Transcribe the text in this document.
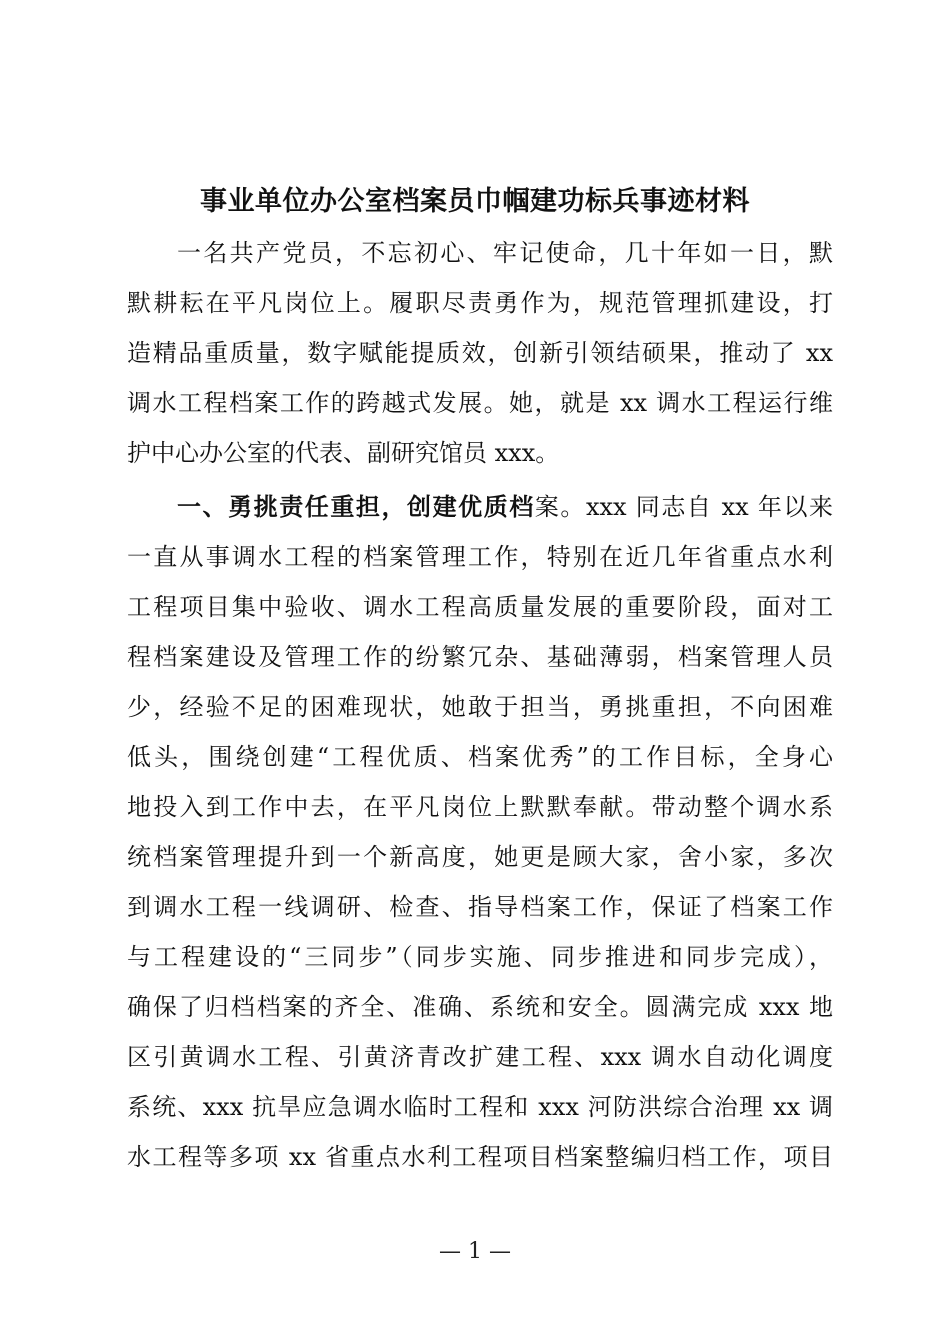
事业单位办公室档案员巾帼建功标兵事迹材料
一名共产党员，不忘初心、牢记使命，几十年如一日，默
默耕耘在平凡岗位上。履职尽责勇作为，规范管理抓建设，打
造精品重质量，数字赋能提质效，创新引领结硕果，推动了 xx
调水工程档案工作的跨越式发展。她，就是 xx 调水工程运行维
护中心办公室的代表、副研究馆员 xxx。
一、勇挑责任重担，创建优质档案。xxx 同志自 xx 年以来
一直从事调水工程的档案管理工作，特别在近几年省重点水利
工程项目集中验收、调水工程高质量发展的重要阶段，面对工
程档案建设及管理工作的纷繁冗杂、基础薄弱，档案管理人员
少，经验不足的困难现状，她敢于担当，勇挑重担，不向困难
低头，围绕创建“工程优质、档案优秀”的工作目标，全身心
地投入到工作中去，在平凡岗位上默默奉献。带动整个调水系
统档案管理提升到一个新高度，她更是顾大家，舍小家，多次
到调水工程一线调研、检查、指导档案工作，保证了档案工作
与工程建设的“三同步”（同步实施、同步推进和同步完成），
确保了归档档案的齐全、准确、系统和安全。圆满完成 xxx 地
区引黄调水工程、引黄济青改扩建工程、xxx 调水自动化调度
系统、xxx 抗旱应急调水临时工程和 xxx 河防洪综合治理 xx 调
水工程等多项 xx 省重点水利工程项目档案整编归档工作，项目
— 1 —
